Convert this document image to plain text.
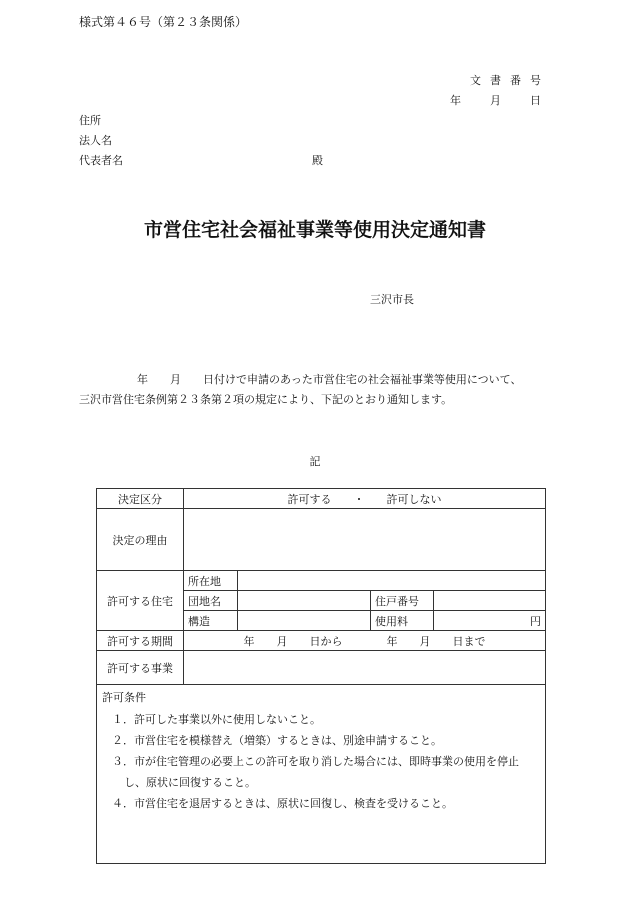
様式第４６号（第２３条関係）
文書番号
年　月　日
住所
法人名
代表者名	殿
市営住宅社会福祉事業等使用決定通知書
三沢市長
年　　月　　日付けで申請のあった市営住宅の社会福祉事業等使用について、
三沢市営住宅条例第２３条第２項の規定により、下記のとおり通知します。
記
決定区分	許可する　　・　　許可しない			
決定の理由				
許可する住宅	所在地			
	団地名		住戸番号	
	構造		使用料	円
許可する期間	年　　月　　日から　　　　年　　月　　日まで			
許可する事業				

許可条件
１．許可した事業以外に使用しないこと。
２．市営住宅を模様替え（増築）するときは、別途申請すること。
３．市が住宅管理の必要上この許可を取り消した場合には、即時事業の使用を停止し、原状に回復すること。
４．市営住宅を退居するときは、原状に回復し、検査を受けること。				
